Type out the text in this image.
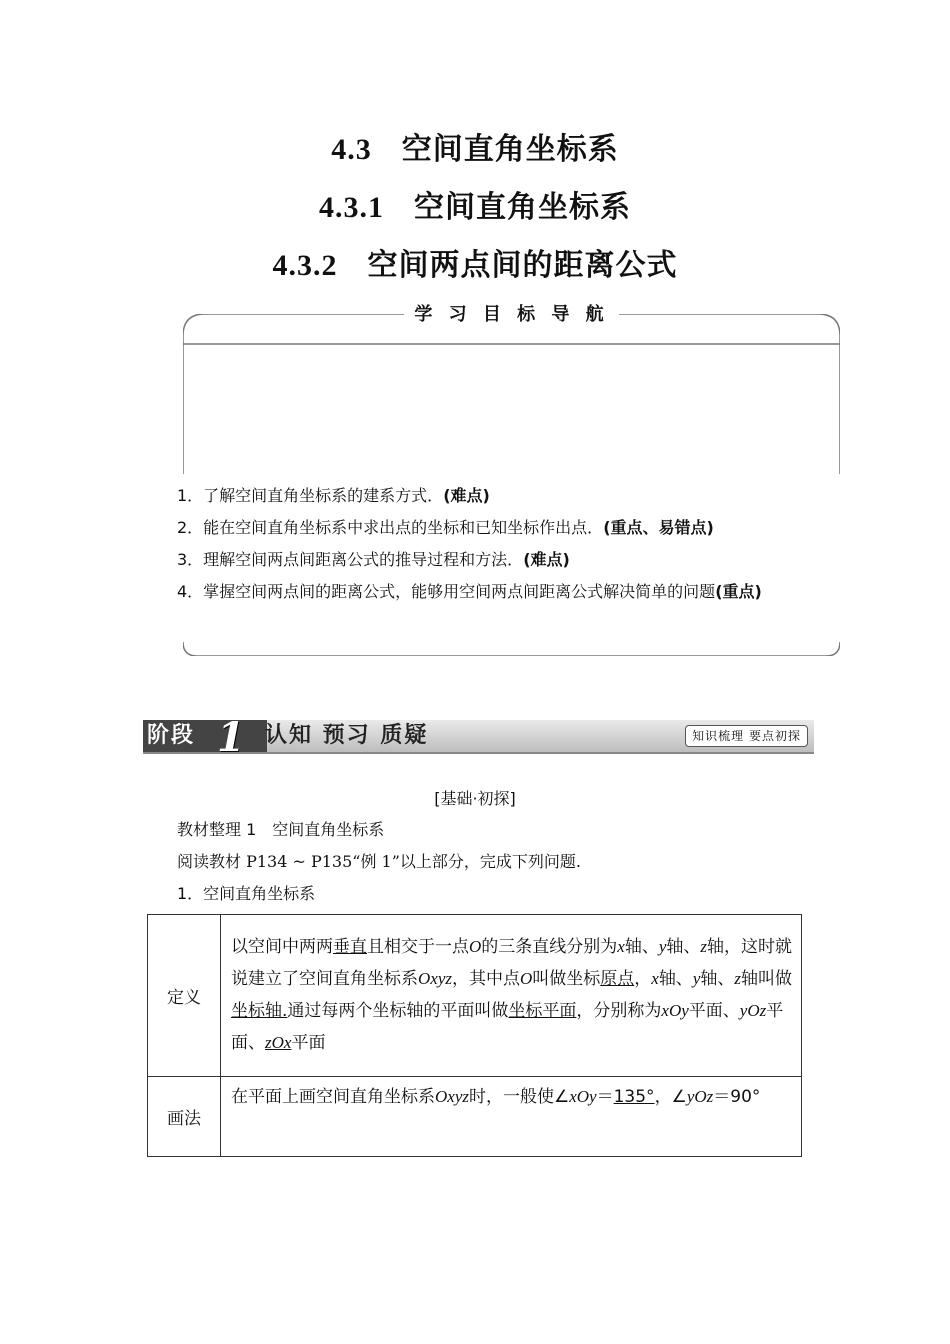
4.3 空间直角坐标系
4.3.1 空间直角坐标系
4.3.2 空间两点间的距离公式
学 习 目 标 导 航
1．了解空间直角坐标系的建系方式．(难点)
2．能在空间直角坐标系中求出点的坐标和已知坐标作出点．(重点、易错点)
3．理解空间两点间距离公式的推导过程和方法．(难点)
4．掌握空间两点间的距离公式，能够用空间两点间距离公式解决简单的问题(重点)
阶段 1 认知 预习 质疑	知识梳理 要点初探
[基础·初探]
教材整理 1　空间直角坐标系
阅读教材 P134 ~ P135“例 1”以上部分，完成下列问题.
1．空间直角坐标系
定义	以空间中两两垂直且相交于一点O的三条直线分别为x轴、y轴、z轴，这时就说建立了空间直角坐标系Oxyz，其中点O叫做坐标原点，x轴、y轴、z轴叫做坐标轴.通过每两个坐标轴的平面叫做坐标平面，分别称为xOy平面、yOz平面、zOx平面
画法	在平面上画空间直角坐标系Oxyz时，一般使∠xOy＝135°，∠yOz＝90°
